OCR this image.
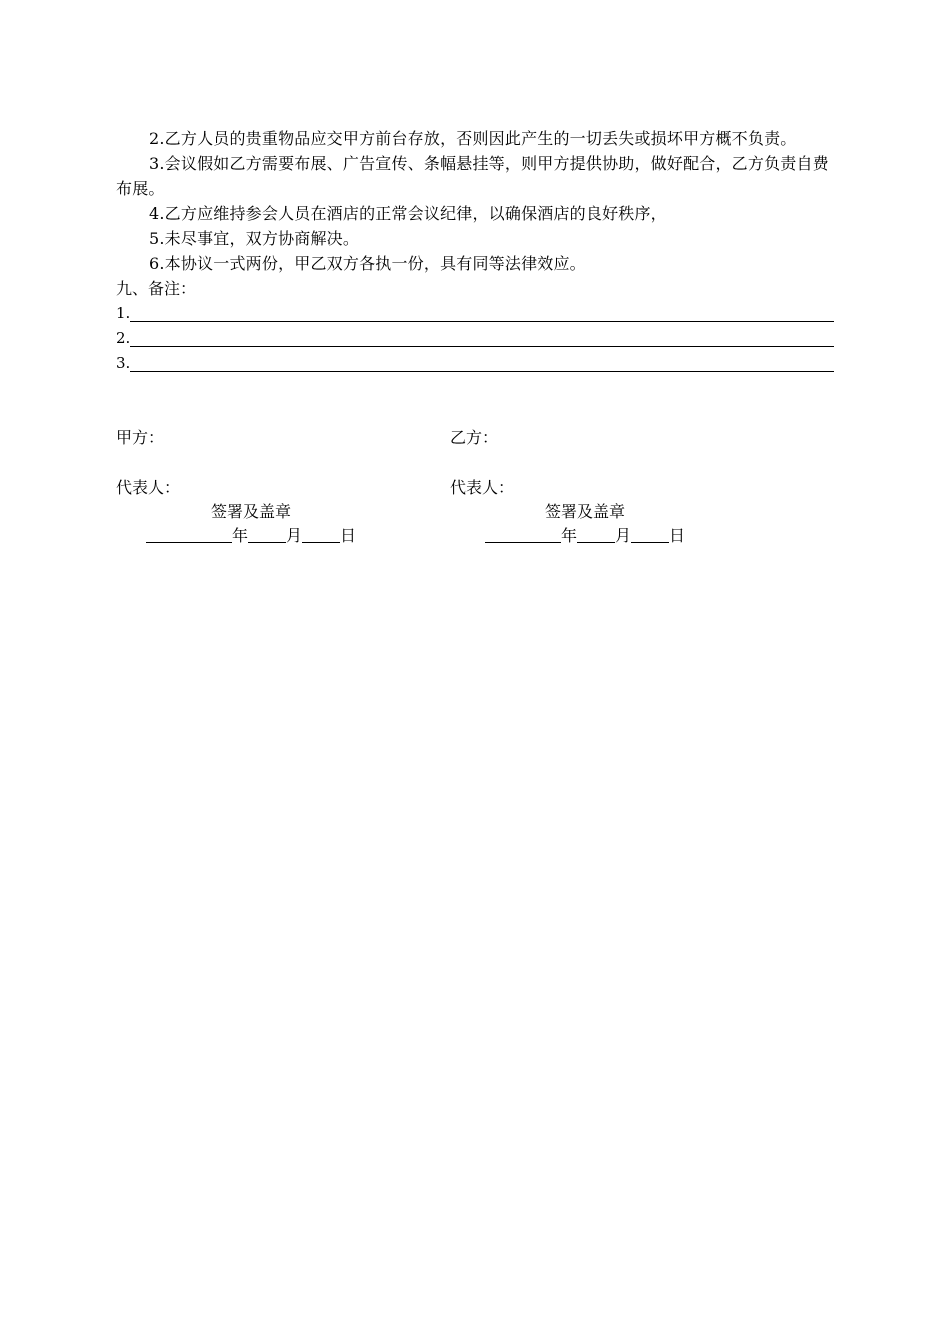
2.乙方人员的贵重物品应交甲方前台存放，否则因此产生的一切丢失或损坏甲方概不负责。

3.会议假如乙方需要布展、广告宣传、条幅悬挂等，则甲方提供协助，做好配合，乙方负责自费布展。

4.乙方应维持参会人员在酒店的正常会议纪律，以确保酒店的良好秩序，

5.未尽事宜，双方协商解决。

6.本协议一式两份，甲乙双方各执一份，具有同等法律效应。

九、备注：

1.
2.
3.
甲方：
代表人：
签署及盖章
年 月 日
乙方：
代表人：
签署及盖章
年 月 日
